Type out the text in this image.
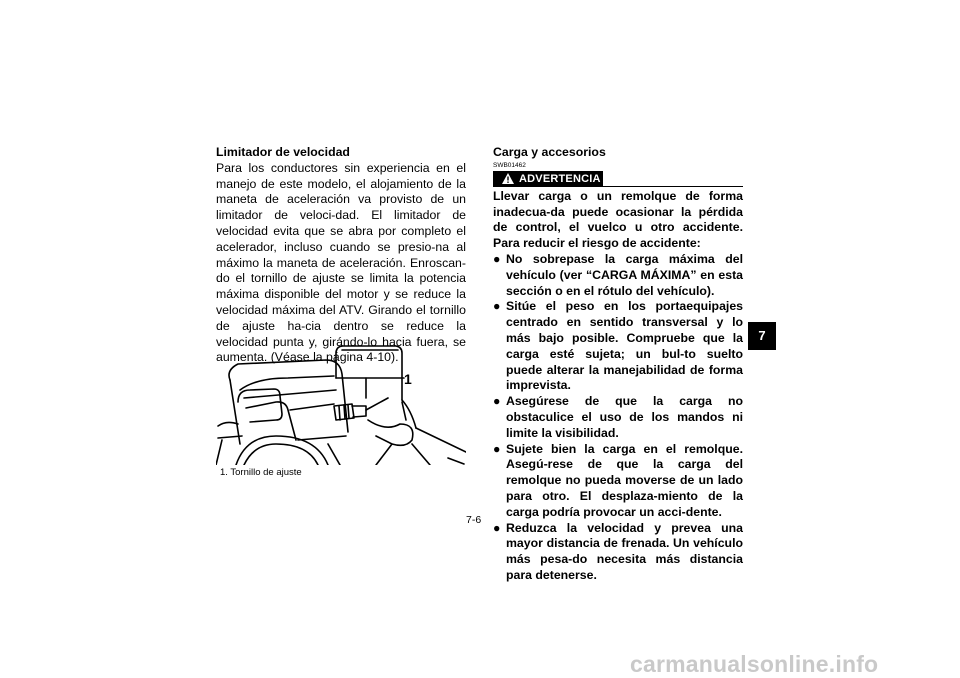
Limitador de velocidad

Para los conductores sin experiencia en el manejo de este modelo, el alojamiento de la maneta de aceleración va provisto de un limitador de veloci-dad. El limitador de velocidad evita que se abra por completo el acelerador, incluso cuando se presio-na al máximo la maneta de aceleración. Enroscan-do el tornillo de ajuste se limita la potencia máxima disponible del motor y se reduce la velocidad máxima del ATV. Girando el tornillo de ajuste ha-cia dentro se reduce la velocidad punta y, girándo-lo hacia fuera, se aumenta. (Véase la página 4-10).

1
1. Tornillo de ajuste
Carga y accesorios
SWB01462
ADVERTENCIA

Llevar carga o un remolque de forma inadecua-da puede ocasionar la pérdida de control, el vuelco u otro accidente. Para reducir el riesgo de accidente:

● No sobrepase la carga máxima del vehículo (ver “CARGA MÁXIMA” en esta sección o en el rótulo del vehículo).
● Sitúe el peso en los portaequipajes centrado en sentido transversal y lo más bajo posible. Compruebe que la carga esté sujeta; un bul-to suelto puede alterar la manejabilidad de forma imprevista.
● Asegúrese de que la carga no obstaculice el uso de los mandos ni limite la visibilidad.
● Sujete bien la carga en el remolque. Asegú-rese de que la carga del remolque no pueda moverse de un lado para otro. El desplaza-miento de la carga podría provocar un acci-dente.
● Reduzca la velocidad y prevea una mayor distancia de frenada. Un vehículo más pesa-do necesita más distancia para detenerse.
7
7-6
carmanualsonline.info
